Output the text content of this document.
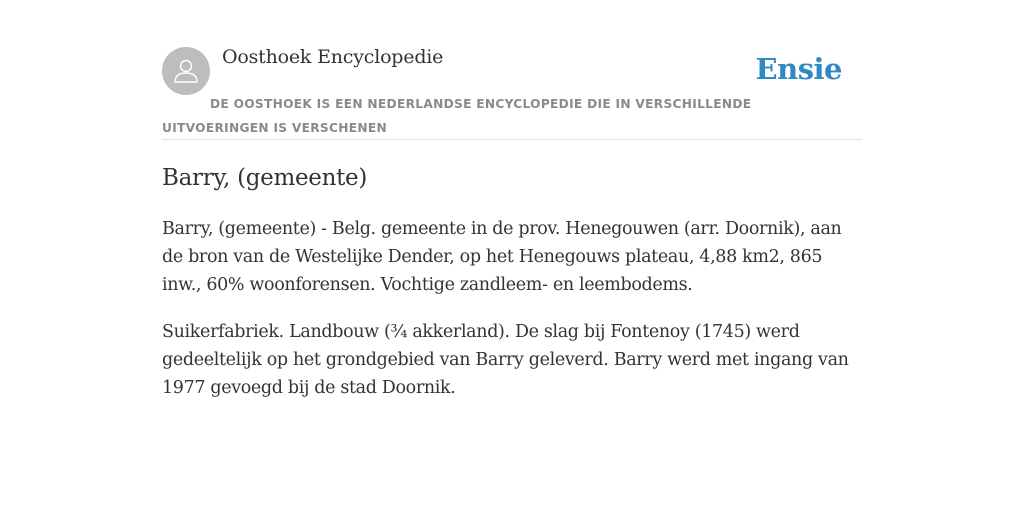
Oosthoek Encyclopedie	Ensie
DE OOSTHOEK IS EEN NEDERLANDSE ENCYCLOPEDIE DIE IN VERSCHILLENDE UITVOERINGEN IS VERSCHENEN
Barry, (gemeente)

Barry, (gemeente) - Belg. gemeente in de prov. Henegouwen (arr. Doornik), aan de bron van de Westelijke Dender, op het Henegouws plateau, 4,88 km2, 865 inw., 60% woonforensen. Vochtige zandleem- en leembodems.

Suikerfabriek. Landbouw (¾ akkerland). De slag bij Fontenoy (1745) werd gedeeltelijk op het grondgebied van Barry geleverd. Barry werd met ingang van 1977 gevoegd bij de stad Doornik.
